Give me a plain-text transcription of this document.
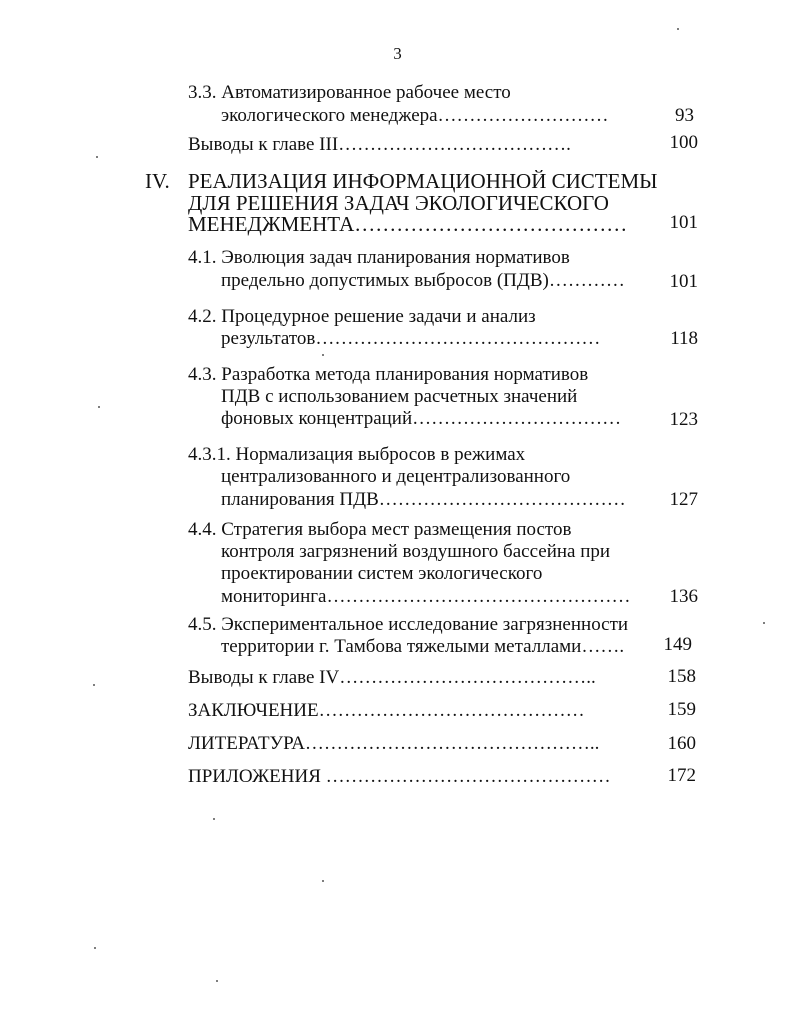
3
3.3. Автоматизированное рабочее место
экологического менеджера………………………	93
Выводы к главе III……………………………….	100
IV. РЕАЛИЗАЦИЯ ИНФОРМАЦИОННОЙ СИСТЕМЫ
ДЛЯ РЕШЕНИЯ ЗАДАЧ ЭКОЛОГИЧЕСКОГО
МЕНЕДЖМЕНТА…………………………………	101
4.1. Эволюция задач планирования нормативов
предельно допустимых выбросов (ПДВ)…………	101
4.2. Процедурное решение задачи и анализ
результатов………………………………………	118
4.3. Разработка метода планирования нормативов
ПДВ с использованием расчетных значений
фоновых концентраций……………………………	123
4.3.1. Нормализация выбросов в режимах
централизованного и децентрализованного
планирования ПДВ…………………………………	127
4.4. Стратегия выбора мест размещения постов
контроля загрязнений воздушного бассейна при
проектировании систем экологического
мониторинга…………………………………………	136
4.5. Экспериментальное исследование загрязненности
территории г. Тамбова тяжелыми металлами…….	149
Выводы к главе IV…………………………………..	158
ЗАКЛЮЧЕНИЕ……………………………………	159
ЛИТЕРАТУРА………………………………………..	160
ПРИЛОЖЕНИЯ ………………………………………	172
